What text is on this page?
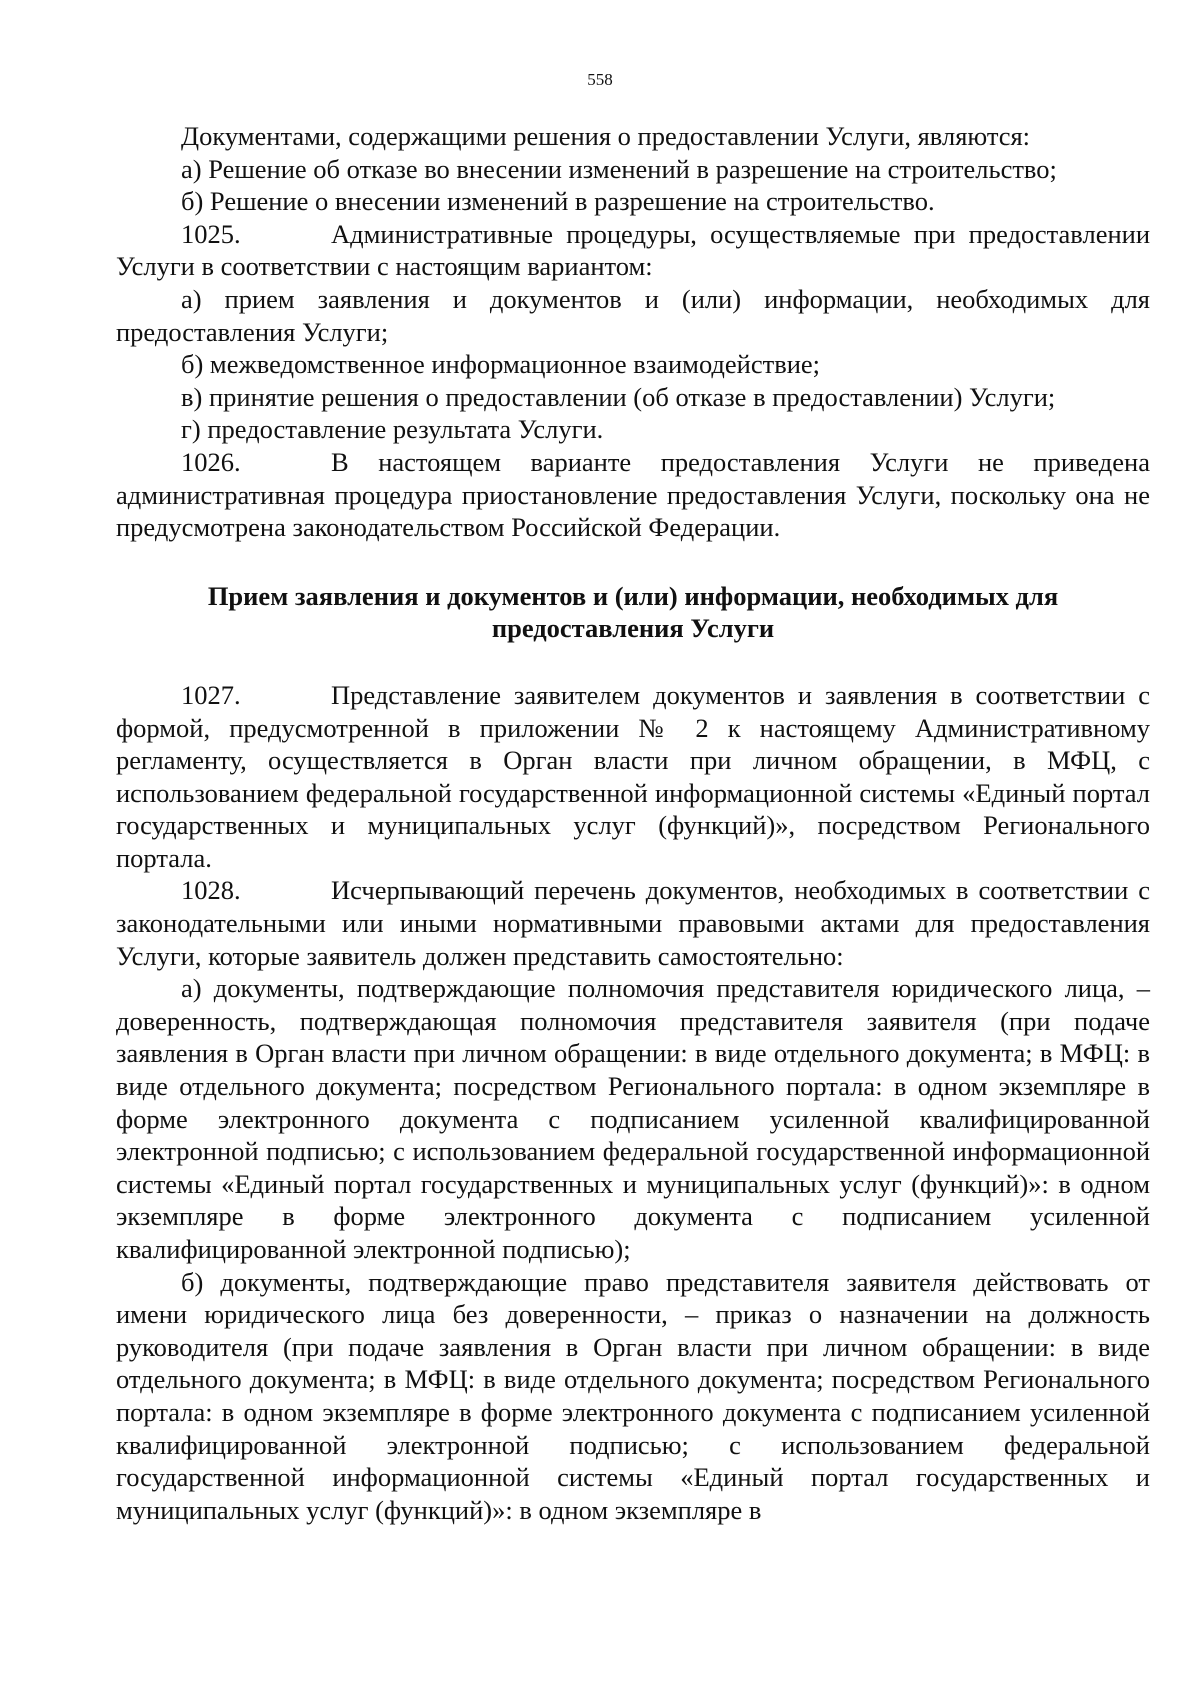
558

Документами, содержащими решения о предоставлении Услуги, являются:

а) Решение об отказе во внесении изменений в разрешение на строительство;

б) Решение о внесении изменений в разрешение на строительство.

1025.	Административные процедуры, осуществляемые при предоставлении Услуги в соответствии с настоящим вариантом:

а) прием заявления и документов и (или) информации, необходимых для предоставления Услуги;

б) межведомственное информационное взаимодействие;

в) принятие решения о предоставлении (об отказе в предоставлении) Услуги;

г) предоставление результата Услуги.

1026.	В настоящем варианте предоставления Услуги не приведена административная процедура приостановление предоставления Услуги, поскольку она не предусмотрена законодательством Российской Федерации.

Прием заявления и документов и (или) информации, необходимых для предоставления Услуги

1027.	Представление заявителем документов и заявления в соответствии с формой, предусмотренной в приложении № 2 к настоящему Административному регламенту, осуществляется в Орган власти при личном обращении, в МФЦ, с использованием федеральной государственной информационной системы «Единый портал государственных и муниципальных услуг (функций)», посредством Регионального портала.

1028.	Исчерпывающий перечень документов, необходимых в соответствии с законодательными или иными нормативными правовыми актами для предоставления Услуги, которые заявитель должен представить самостоятельно:

а) документы, подтверждающие полномочия представителя юридического лица, – доверенность, подтверждающая полномочия представителя заявителя (при подаче заявления в Орган власти при личном обращении: в виде отдельного документа; в МФЦ: в виде отдельного документа; посредством Регионального портала: в одном экземпляре в форме электронного документа с подписанием усиленной квалифицированной электронной подписью; с использованием федеральной государственной информационной системы «Единый портал государственных и муниципальных услуг (функций)»: в одном экземпляре в форме электронного документа с подписанием усиленной квалифицированной электронной подписью);

б) документы, подтверждающие право представителя заявителя действовать от имени юридического лица без доверенности, – приказ о назначении на должность руководителя (при подаче заявления в Орган власти при личном обращении: в виде отдельного документа; в МФЦ: в виде отдельного документа; посредством Регионального портала: в одном экземпляре в форме электронного документа с подписанием усиленной квалифицированной электронной подписью; с использованием федеральной государственной информационной системы «Единый портал государственных и муниципальных услуг (функций)»: в одном экземпляре в
